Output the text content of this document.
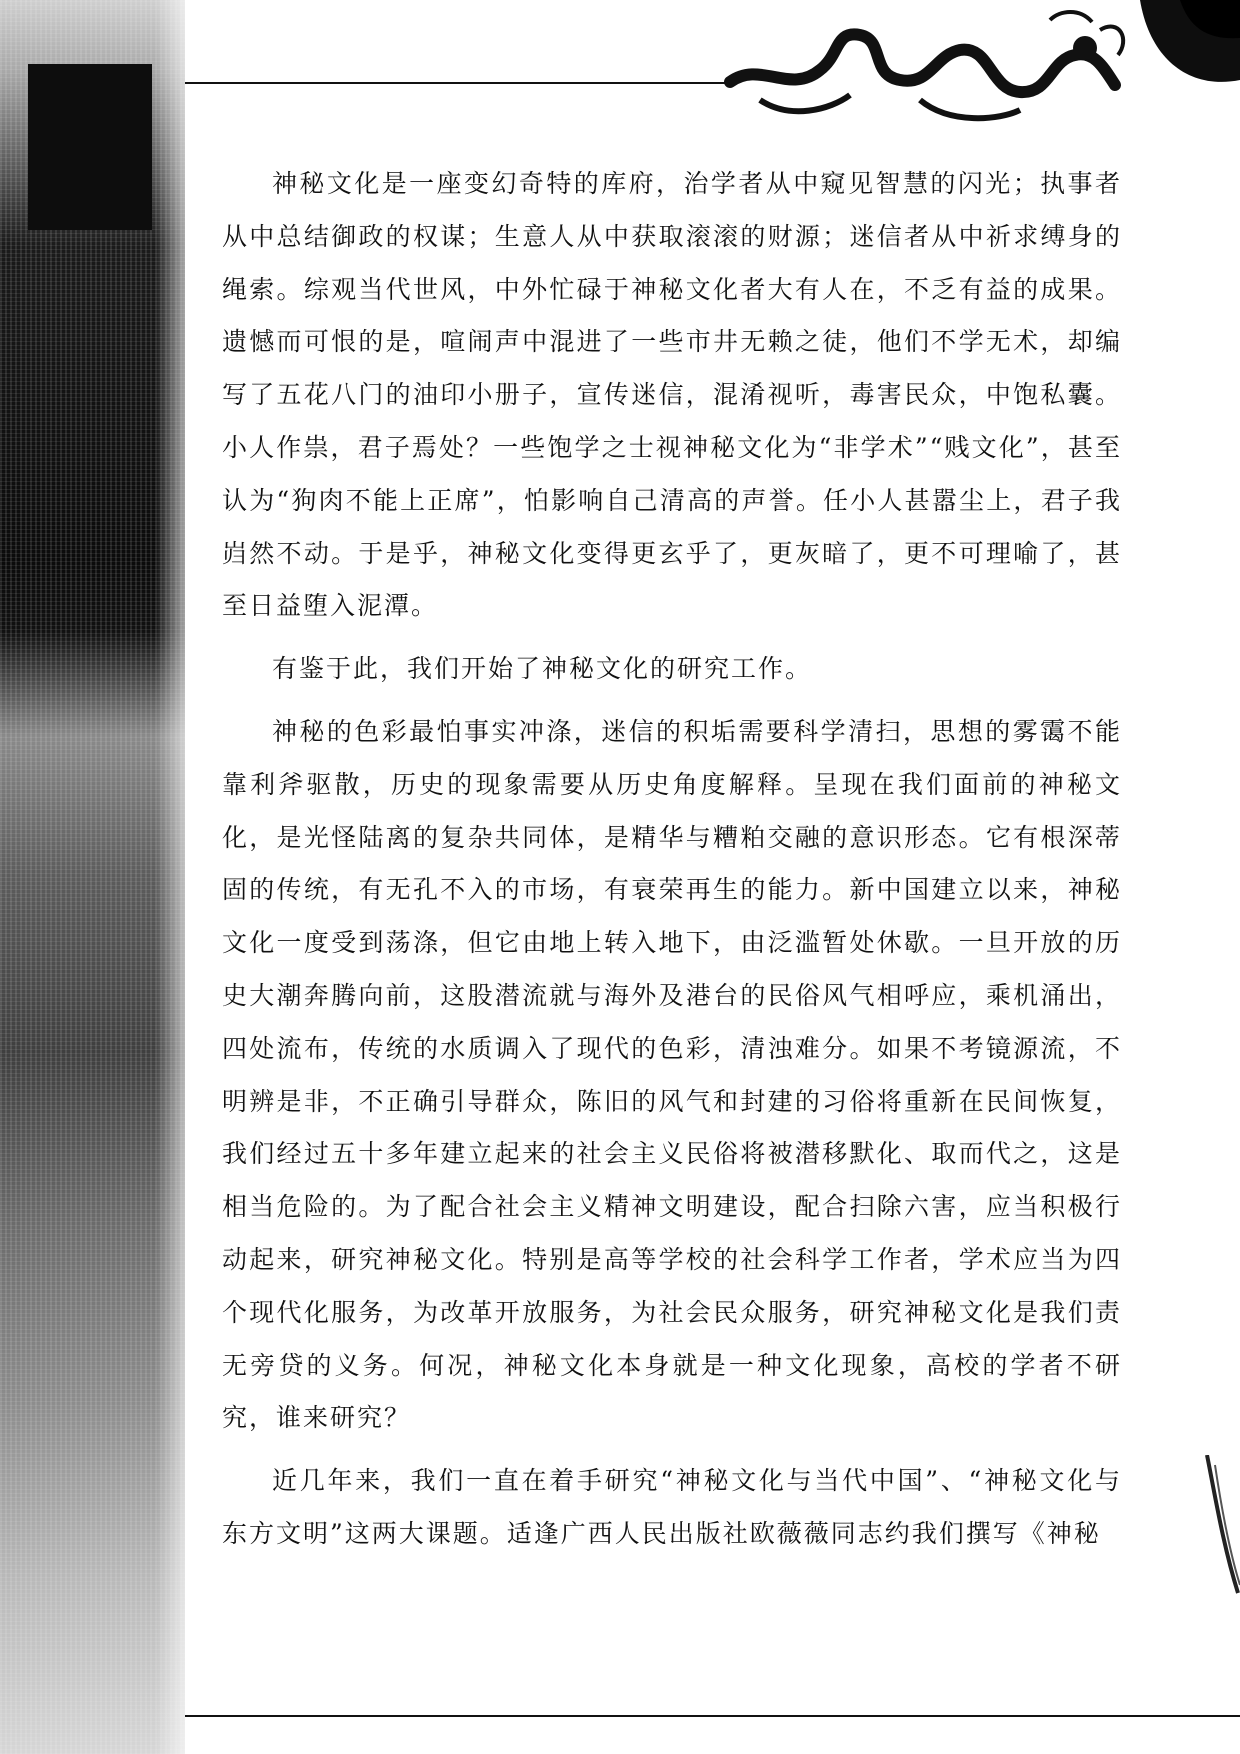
神秘文化是一座变幻奇特的库府，治学者从中窥见智慧的闪光；执事者从中总结御政的权谋；生意人从中获取滚滚的财源；迷信者从中祈求缚身的绳索。综观当代世风，中外忙碌于神秘文化者大有人在，不乏有益的成果。遗憾而可恨的是，喧闹声中混进了一些市井无赖之徒，他们不学无术，却编写了五花八门的油印小册子，宣传迷信，混淆视听，毒害民众，中饱私囊。小人作祟，君子焉处？一些饱学之士视神秘文化为“非学术”“贱文化”，甚至认为“狗肉不能上正席”，怕影响自己清高的声誉。任小人甚嚣尘上，君子我岿然不动。于是乎，神秘文化变得更玄乎了，更灰暗了，更不可理喻了，甚至日益堕入泥潭。

有鉴于此，我们开始了神秘文化的研究工作。

神秘的色彩最怕事实冲涤，迷信的积垢需要科学清扫，思想的雾霭不能靠利斧驱散，历史的现象需要从历史角度解释。呈现在我们面前的神秘文化，是光怪陆离的复杂共同体，是精华与糟粕交融的意识形态。它有根深蒂固的传统，有无孔不入的市场，有衰荣再生的能力。新中国建立以来，神秘文化一度受到荡涤，但它由地上转入地下，由泛滥暂处休歇。一旦开放的历史大潮奔腾向前，这股潜流就与海外及港台的民俗风气相呼应，乘机涌出，四处流布，传统的水质调入了现代的色彩，清浊难分。如果不考镜源流，不明辨是非，不正确引导群众，陈旧的风气和封建的习俗将重新在民间恢复，我们经过五十多年建立起来的社会主义民俗将被潜移默化、取而代之，这是相当危险的。为了配合社会主义精神文明建设，配合扫除六害，应当积极行动起来，研究神秘文化。特别是高等学校的社会科学工作者，学术应当为四个现代化服务，为改革开放服务，为社会民众服务，研究神秘文化是我们责无旁贷的义务。何况，神秘文化本身就是一种文化现象，高校的学者不研究，谁来研究？

近几年来，我们一直在着手研究“神秘文化与当代中国”、“神秘文化与东方文明”这两大课题。适逢广西人民出版社欧薇薇同志约我们撰写《神秘
